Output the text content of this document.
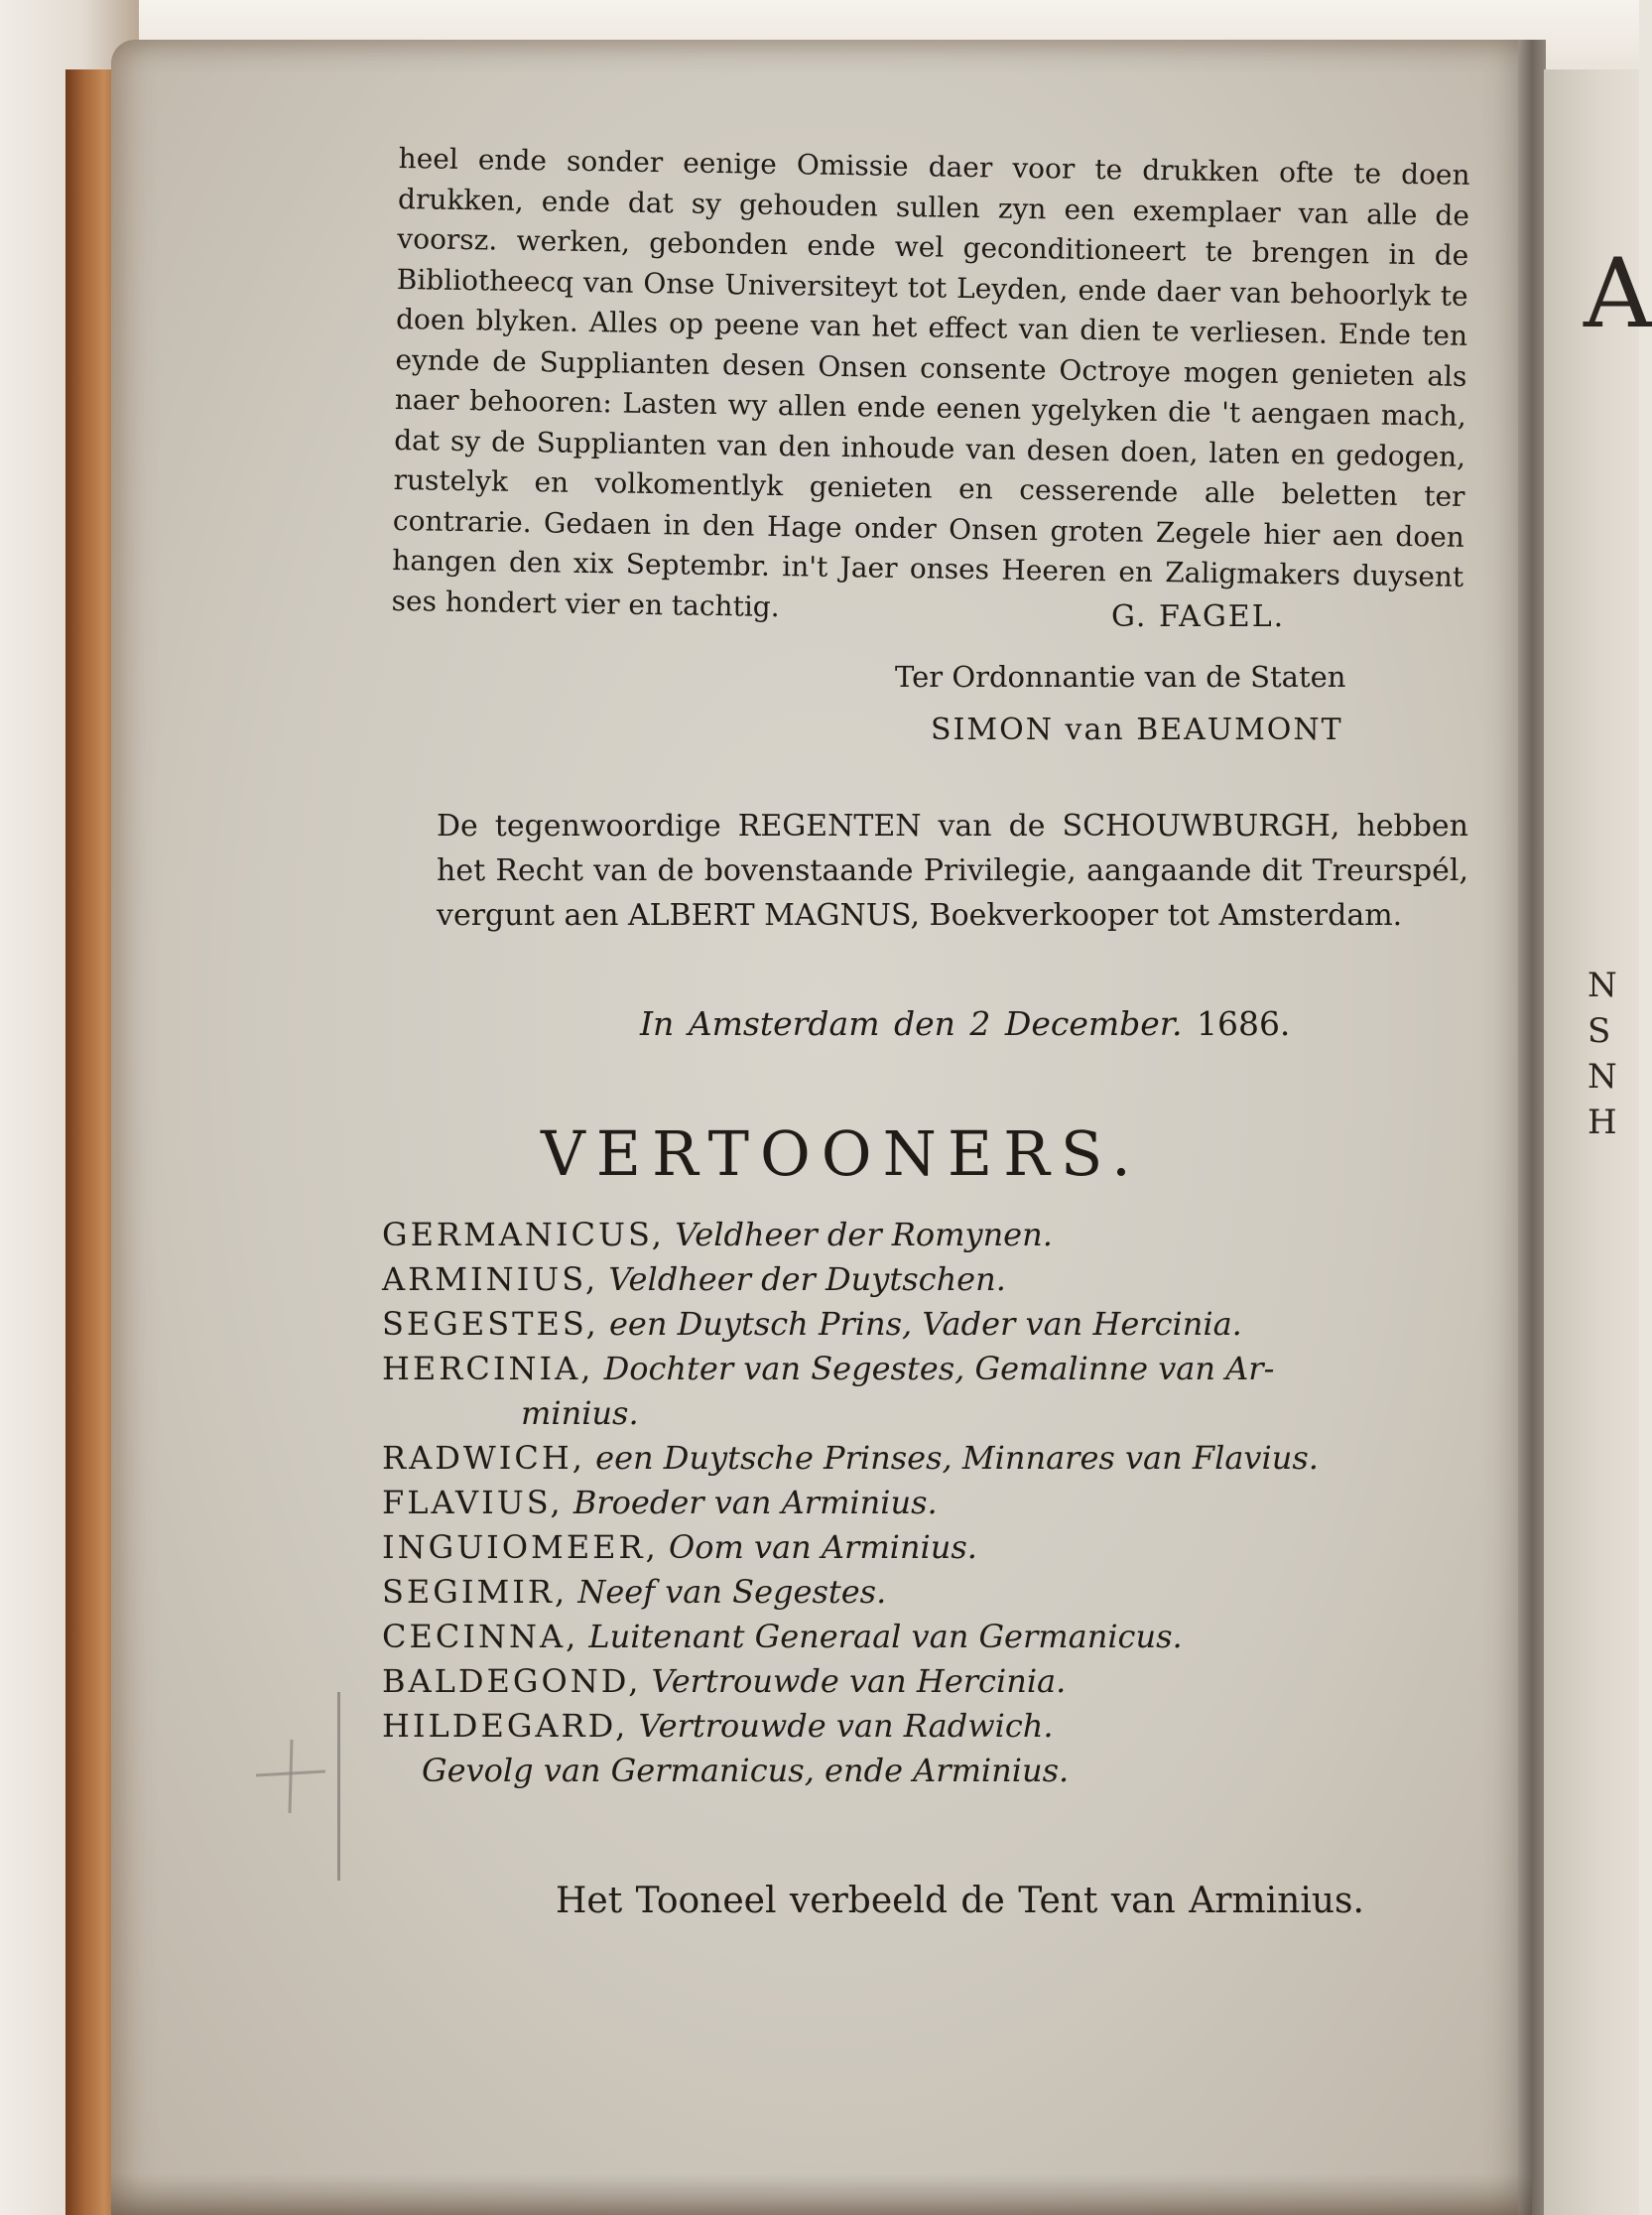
A
N
S
N
H
heel ende sonder eenige Omissie daer voor te drukken ofte te doen drukken, ende dat sy gehouden sullen zyn een exemplaer van alle de voorsz. werken, gebonden ende wel geconditioneert te brengen in de Bibliotheecq van Onse Universiteyt tot Leyden, ende daer van behoorlyk te doen blyken. Alles op peene van het effect van dien te verliesen. Ende ten eynde de Supplianten desen Onsen consente Octroye mogen genieten als naer behooren: Lasten wy allen ende eenen ygelyken die 't aengaen mach, dat sy de Supplianten van den inhoude van desen doen, laten en gedogen, rustelyk en volkomentlyk genieten en cesserende alle beletten ter contrarie. Gedaen in den Hage onder Onsen groten Zegele hier aen doen hangen den xix Septembr. in't Jaer onses Heeren en Zaligmakers duysent ses hondert vier en tachtig.	G. FAGEL.
Ter Ordonnantie van de Staten
SIMON van BEAUMONT
De tegenwoordige REGENTEN van de SCHOUWBURGH, hebben het Recht van de bovenstaande Privilegie, aangaande dit Treurspél, vergunt aen ALBERT MAGNUS, Boekverkooper tot Amsterdam.
In Amsterdam den 2 December. 1686.
VERTOONERS.
GERMANICUS, Veldheer der Romynen.
ARMINIUS, Veldheer der Duytschen.
SEGESTES, een Duytsch Prins, Vader van Hercinia.
HERCINIA, Dochter van Segestes, Gemalinne van Ar-
minius.
RADWICH, een Duytsche Prinses, Minnares van Flavius.
FLAVIUS, Broeder van Arminius.
INGUIOMEER, Oom van Arminius.
SEGIMIR, Neef van Segestes.
CECINNA, Luitenant Generaal van Germanicus.
BALDEGOND, Vertrouwde van Hercinia.
HILDEGARD, Vertrouwde van Radwich.
Gevolg van Germanicus, ende Arminius.
Het Tooneel verbeeld de Tent van Arminius.
